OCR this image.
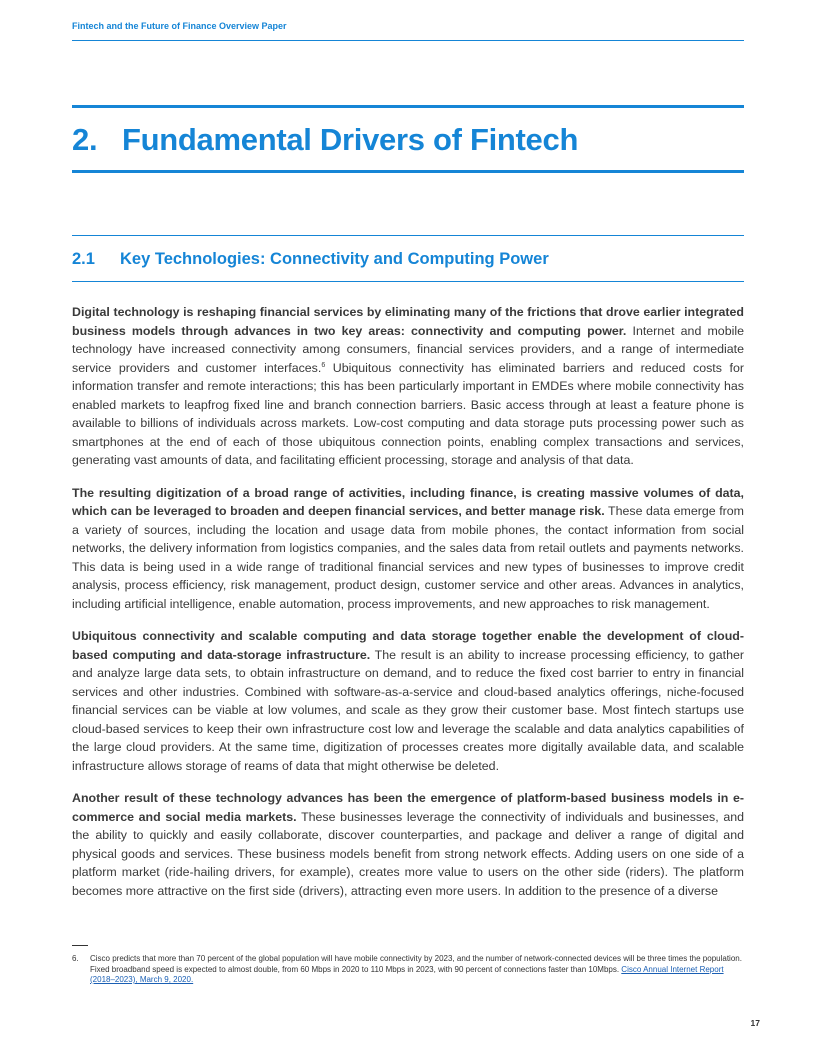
Fintech and the Future of Finance Overview Paper
2. Fundamental Drivers of Fintech
2.1 Key Technologies: Connectivity and Computing Power

Digital technology is reshaping financial services by eliminating many of the frictions that drove earlier integrated business models through advances in two key areas: connectivity and computing power. Internet and mobile technology have increased connectivity among consumers, financial services providers, and a range of intermediate service providers and customer interfaces.$^6$ Ubiquitous connectivity has eliminated barriers and reduced costs for information transfer and remote interactions; this has been particularly important in EMDEs where mobile connectivity has enabled markets to leapfrog fixed line and branch connection barriers. Basic access through at least a feature phone is available to billions of individuals across markets. Low-cost computing and data storage puts processing power such as smartphones at the end of each of those ubiquitous connection points, enabling complex transactions and services, generating vast amounts of data, and facilitating efficient processing, storage and analysis of that data.

The resulting digitization of a broad range of activities, including finance, is creating massive volumes of data, which can be leveraged to broaden and deepen financial services, and better manage risk. These data emerge from a variety of sources, including the location and usage data from mobile phones, the contact information from social networks, the delivery information from logistics companies, and the sales data from retail outlets and payments networks. This data is being used in a wide range of traditional financial services and new types of businesses to improve credit analysis, process efficiency, risk management, product design, customer service and other areas. Advances in analytics, including artificial intelligence, enable automation, process improvements, and new approaches to risk management.

Ubiquitous connectivity and scalable computing and data storage together enable the development of cloud-based computing and data-storage infrastructure. The result is an ability to increase processing efficiency, to gather and analyze large data sets, to obtain infrastructure on demand, and to reduce the fixed cost barrier to entry in financial services and other industries. Combined with software-as-a-service and cloud-based analytics offerings, niche-focused financial services can be viable at low volumes, and scale as they grow their customer base. Most fintech startups use cloud-based services to keep their own infrastructure cost low and leverage the scalable and data analytics capabilities of the large cloud providers. At the same time, digitization of processes creates more digitally available data, and scalable infrastructure allows storage of reams of data that might otherwise be deleted.

Another result of these technology advances has been the emergence of platform-based business models in e-commerce and social media markets. These businesses leverage the connectivity of individuals and businesses, and the ability to quickly and easily collaborate, discover counterparties, and package and deliver a range of digital and physical goods and services. These business models benefit from strong network effects. Adding users on one side of a platform market (ride-hailing drivers, for example), creates more value to users on the other side (riders). The platform becomes more attractive on the first side (drivers), attracting even more users. In addition to the presence of a diverse

6. Cisco predicts that more than 70 percent of the global population will have mobile connectivity by 2023, and the number of network-connected devices will be three times the population. Fixed broadband speed is expected to almost double, from 60 Mbps in 2020 to 110 Mbps in 2023, with 90 percent of connections faster than 10Mbps. Cisco Annual Internet Report (2018–2023), March 9, 2020.
17
